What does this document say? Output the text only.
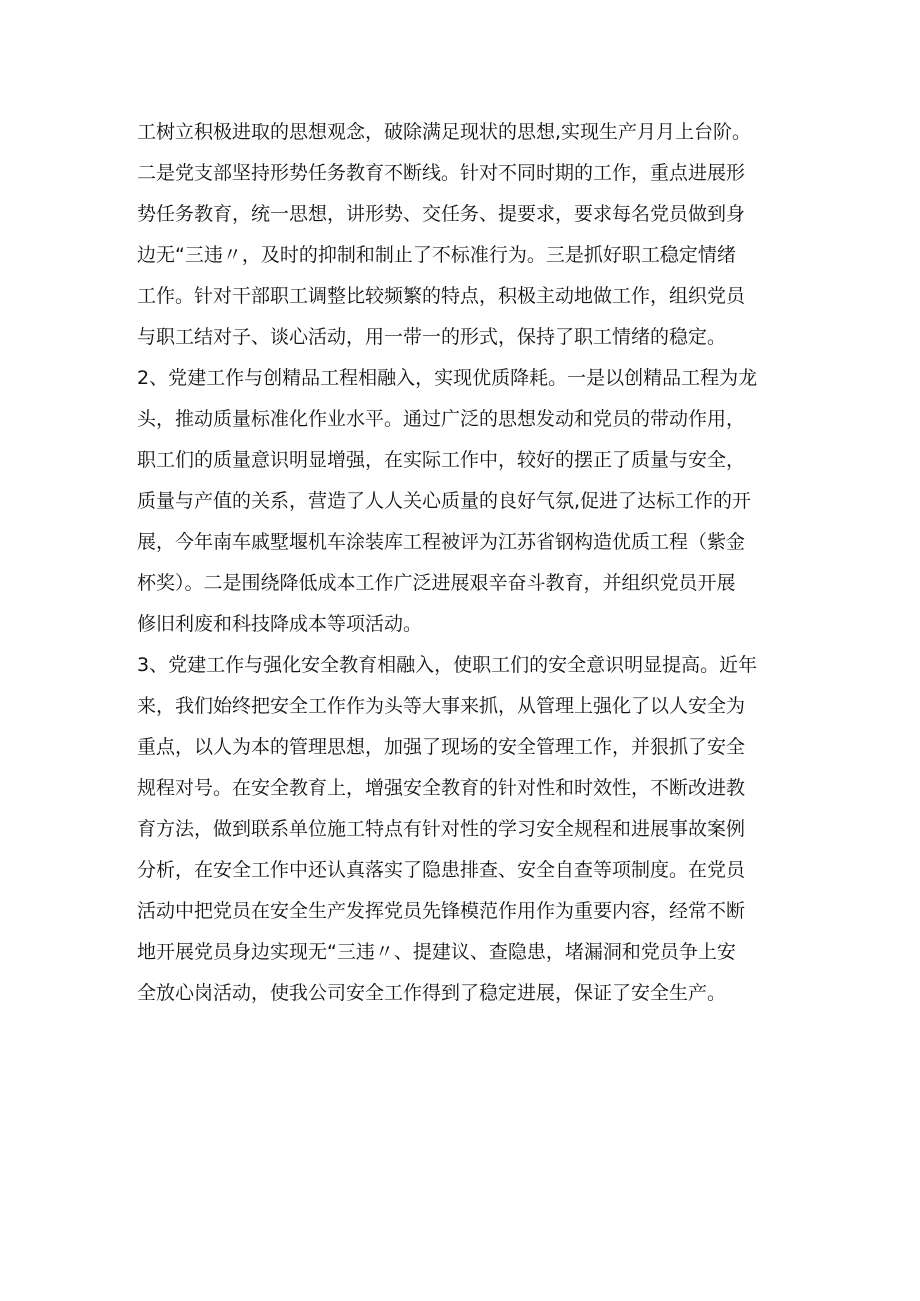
工树立积极进取的思想观念，破除满足现状的思想,实现生产月月上台阶。
二是党支部坚持形势任务教育不断线。针对不同时期的工作，重点进展形
势任务教育，统一思想，讲形势、交任务、提要求，要求每名党员做到身
边无“三违〃，及时的抑制和制止了不标准行为。三是抓好职工稳定情绪
工作。针对干部职工调整比较频繁的特点，积极主动地做工作，组织党员
与职工结对子、谈心活动，用一带一的形式，保持了职工情绪的稳定。
2、党建工作与创精品工程相融入，实现优质降耗。一是以创精品工程为龙
头，推动质量标准化作业水平。通过广泛的思想发动和党员的带动作用，
职工们的质量意识明显增强，在实际工作中，较好的摆正了质量与安全，
质量与产值的关系，营造了人人关心质量的良好气氛,促进了达标工作的开
展，今年南车戚墅堰机车涂装库工程被评为江苏省钢构造优质工程（紫金
杯奖）。二是围绕降低成本工作广泛进展艰辛奋斗教育，并组织党员开展
修旧利废和科技降成本等项活动。
3、党建工作与强化安全教育相融入，使职工们的安全意识明显提高。近年
来，我们始终把安全工作作为头等大事来抓，从管理上强化了以人安全为
重点，以人为本的管理思想，加强了现场的安全管理工作，并狠抓了安全
规程对号。在安全教育上，增强安全教育的针对性和时效性，不断改进教
育方法，做到联系单位施工特点有针对性的学习安全规程和进展事故案例
分析，在安全工作中还认真落实了隐患排查、安全自查等项制度。在党员
活动中把党员在安全生产发挥党员先锋模范作用作为重要内容，经常不断
地开展党员身边实现无“三违〃、提建议、查隐患，堵漏洞和党员争上安
全放心岗活动，使我公司安全工作得到了稳定进展，保证了安全生产。
